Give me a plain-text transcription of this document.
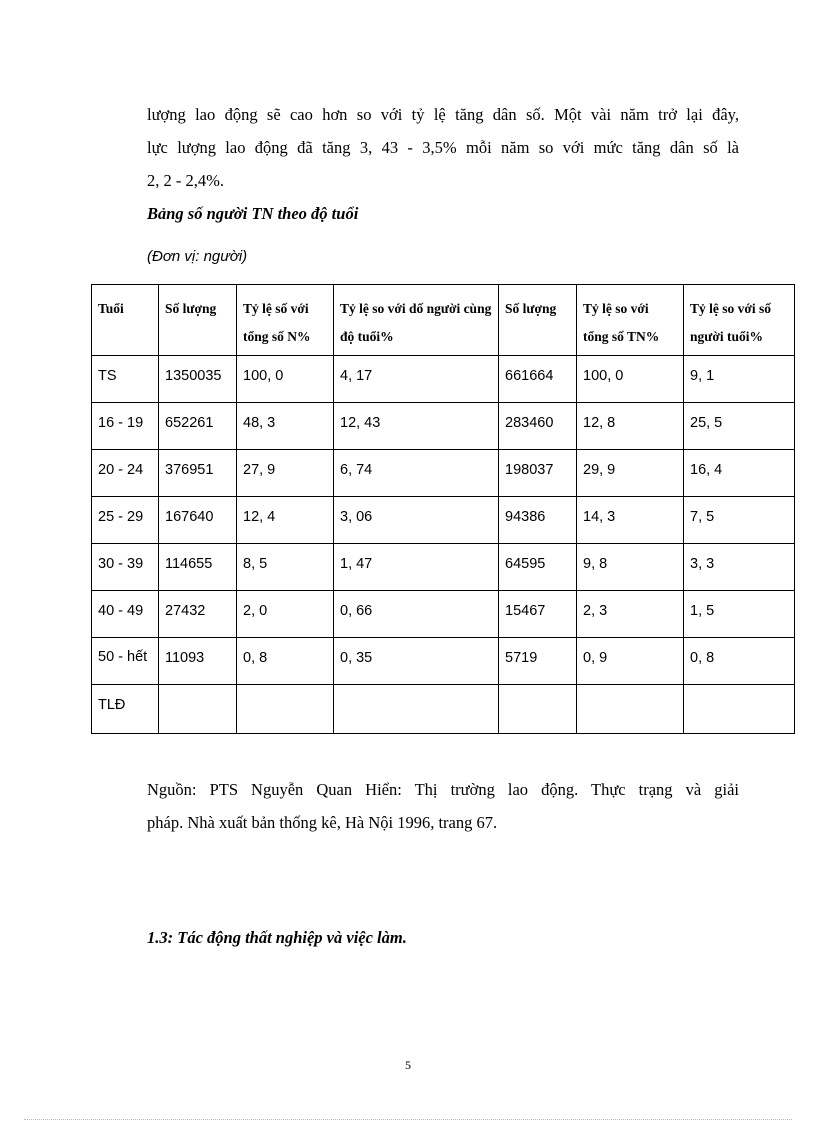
lượng lao động sẽ cao hơn so với tỷ lệ tăng dân số. Một vài năm trở lại đây,
lực lượng lao động đã tăng 3, 43 - 3,5% mỗi năm so với mức tăng dân số là
2, 2 - 2,4%.
Bảng số người TN theo độ tuổi
(Đơn vị: người)
Tuổi	Số lượng	Tỷ lệ số với tổng số N%	Tỷ lệ so với dố người cùng độ tuổi%	Số lượng	Tỷ lệ so với tổng số TN%	Tỷ lệ so với số người tuổi%
TS	1350035	100, 0	4, 17	661664	100, 0	9, 1
16 - 19	652261	48, 3	12, 43	283460	12, 8	25, 5
20 - 24	376951	27, 9	6, 74	198037	29, 9	16, 4
25 - 29	167640	12, 4	3, 06	94386	14, 3	7, 5
30 - 39	114655	8, 5	1, 47	64595	9, 8	3, 3
40 - 49	27432	2, 0	0, 66	15467	2, 3	1, 5
50 - hết	11093	0, 8	0, 35	5719	0, 9	0, 8
TLĐ						
Nguồn: PTS Nguyễn Quan Hiển: Thị trường lao động. Thực trạng và giải
pháp. Nhà xuất bản thống kê, Hà Nội 1996, trang 67.
1.3: Tác động thất nghiệp và việc làm.
5
